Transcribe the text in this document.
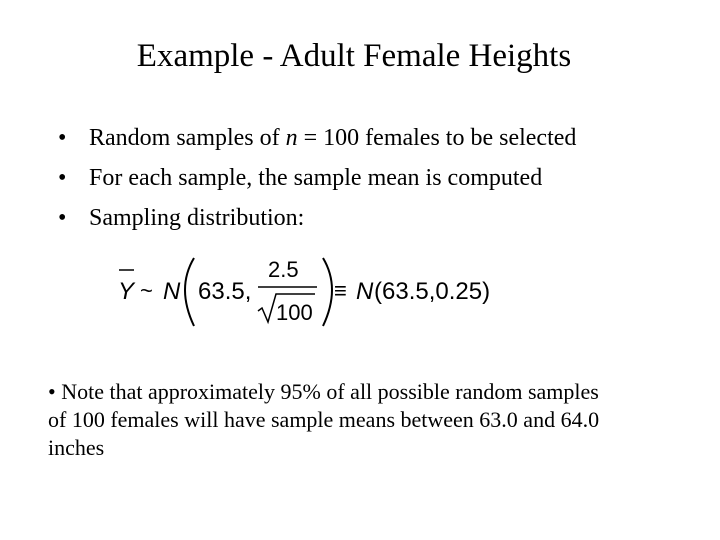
Example - Adult Female Heights
• Random samples of n = 100 females to be selected
• For each sample, the sample mean is computed
• Sampling distribution:
Y ~ N 63.5,
2.5
100
≡ N (63.5,0.25)
• Note that approximately 95% of all possible random samples of 100 females will have sample means between 63.0 and 64.0 inches
